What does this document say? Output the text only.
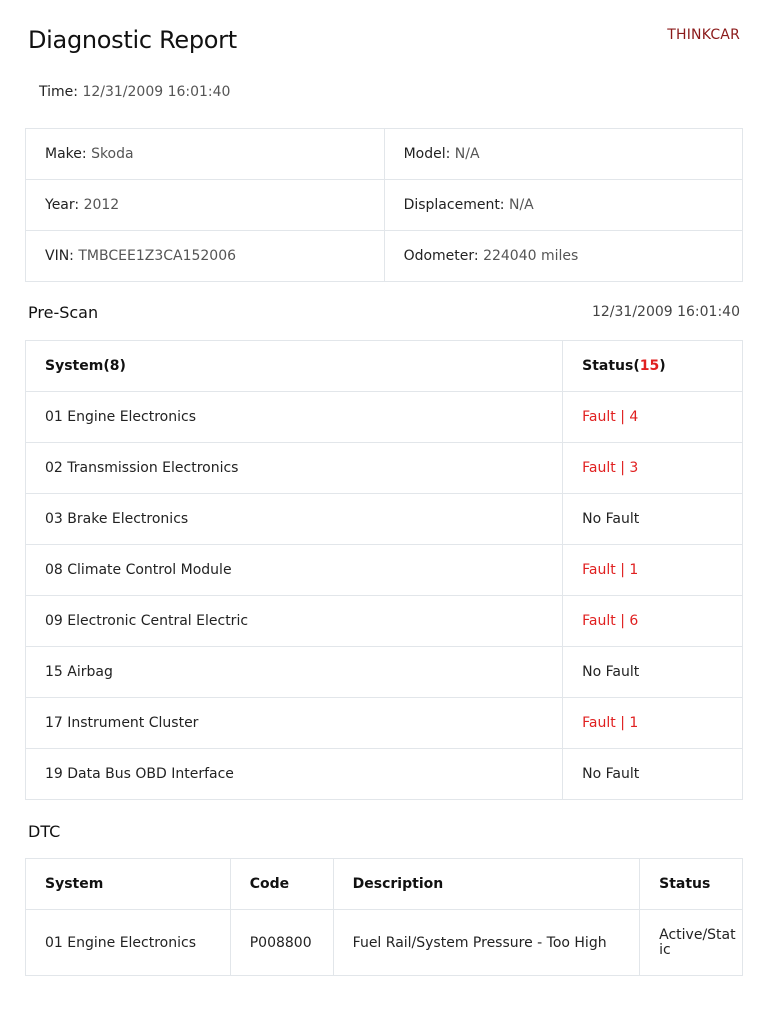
Diagnostic Report	THINKCAR
Time: 12/31/2009 16:01:40
Make: Skoda	Model: N/A
Year: 2012	Displacement: N/A
VIN: TMBCEE1Z3CA152006	Odometer: 224040 miles
Pre-Scan	12/31/2009 16:01:40
System(8)	Status(15)
01 Engine Electronics	Fault | 4
02 Transmission Electronics	Fault | 3
03 Brake Electronics	No Fault
08 Climate Control Module	Fault | 1
09 Electronic Central Electric	Fault | 6
15 Airbag	No Fault
17 Instrument Cluster	Fault | 1
19 Data Bus OBD Interface	No Fault
DTC
System	Code	Description	Status
01 Engine Electronics	P008800	Fuel Rail/System Pressure - Too High	Active/Static
